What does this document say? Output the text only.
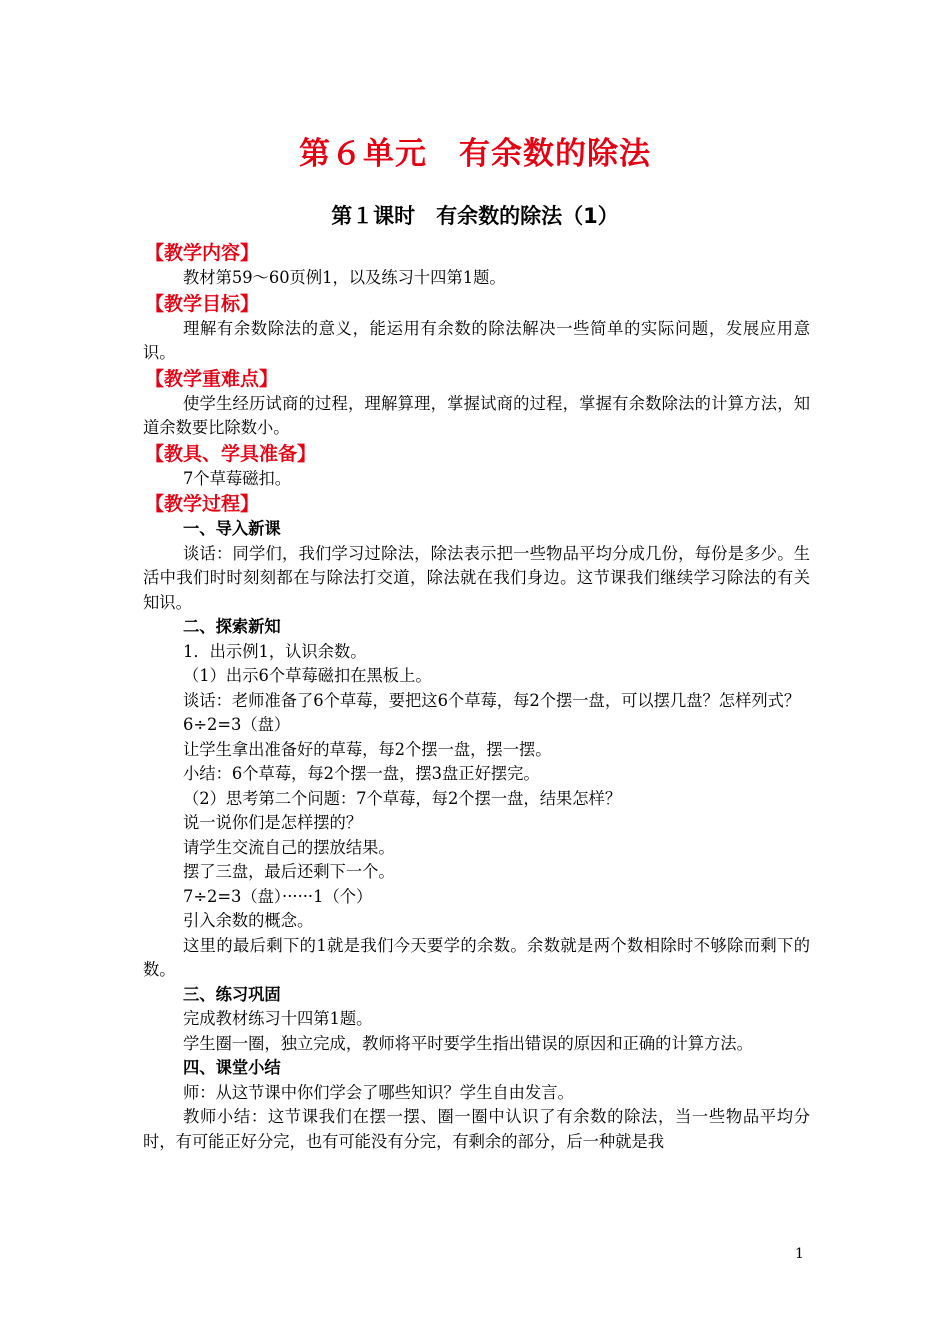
第６单元　有余数的除法
第１课时　有余数的除法（1）
【教学内容】
教材第59～60页例1，以及练习十四第1题。
【教学目标】
理解有余数除法的意义，能运用有余数的除法解决一些简单的实际问题，发展应用意识。
【教学重难点】
使学生经历试商的过程，理解算理，掌握试商的过程，掌握有余数除法的计算方法，知道余数要比除数小。
【教具、学具准备】
7个草莓磁扣。
【教学过程】
一、导入新课
谈话：同学们，我们学习过除法，除法表示把一些物品平均分成几份，每份是多少。生活中我们时时刻刻都在与除法打交道，除法就在我们身边。这节课我们继续学习除法的有关知识。
二、探索新知
1．出示例1，认识余数。
（1）出示6个草莓磁扣在黑板上。
谈话：老师准备了6个草莓，要把这6个草莓，每2个摆一盘，可以摆几盘？怎样列式？
6÷2=3（盘）
让学生拿出准备好的草莓，每2个摆一盘，摆一摆。
小结：6个草莓，每2个摆一盘，摆3盘正好摆完。
（2）思考第二个问题：7个草莓，每2个摆一盘，结果怎样？
说一说你们是怎样摆的？
请学生交流自己的摆放结果。
摆了三盘，最后还剩下一个。
7÷2=3（盘）······1（个）
引入余数的概念。
这里的最后剩下的1就是我们今天要学的余数。余数就是两个数相除时不够除而剩下的数。
三、练习巩固
完成教材练习十四第1题。
学生圈一圈，独立完成，教师将平时要学生指出错误的原因和正确的计算方法。
四、课堂小结
师：从这节课中你们学会了哪些知识？学生自由发言。
教师小结：这节课我们在摆一摆、圈一圈中认识了有余数的除法，当一些物品平均分时，有可能正好分完，也有可能没有分完，有剩余的部分，后一种就是我
1
